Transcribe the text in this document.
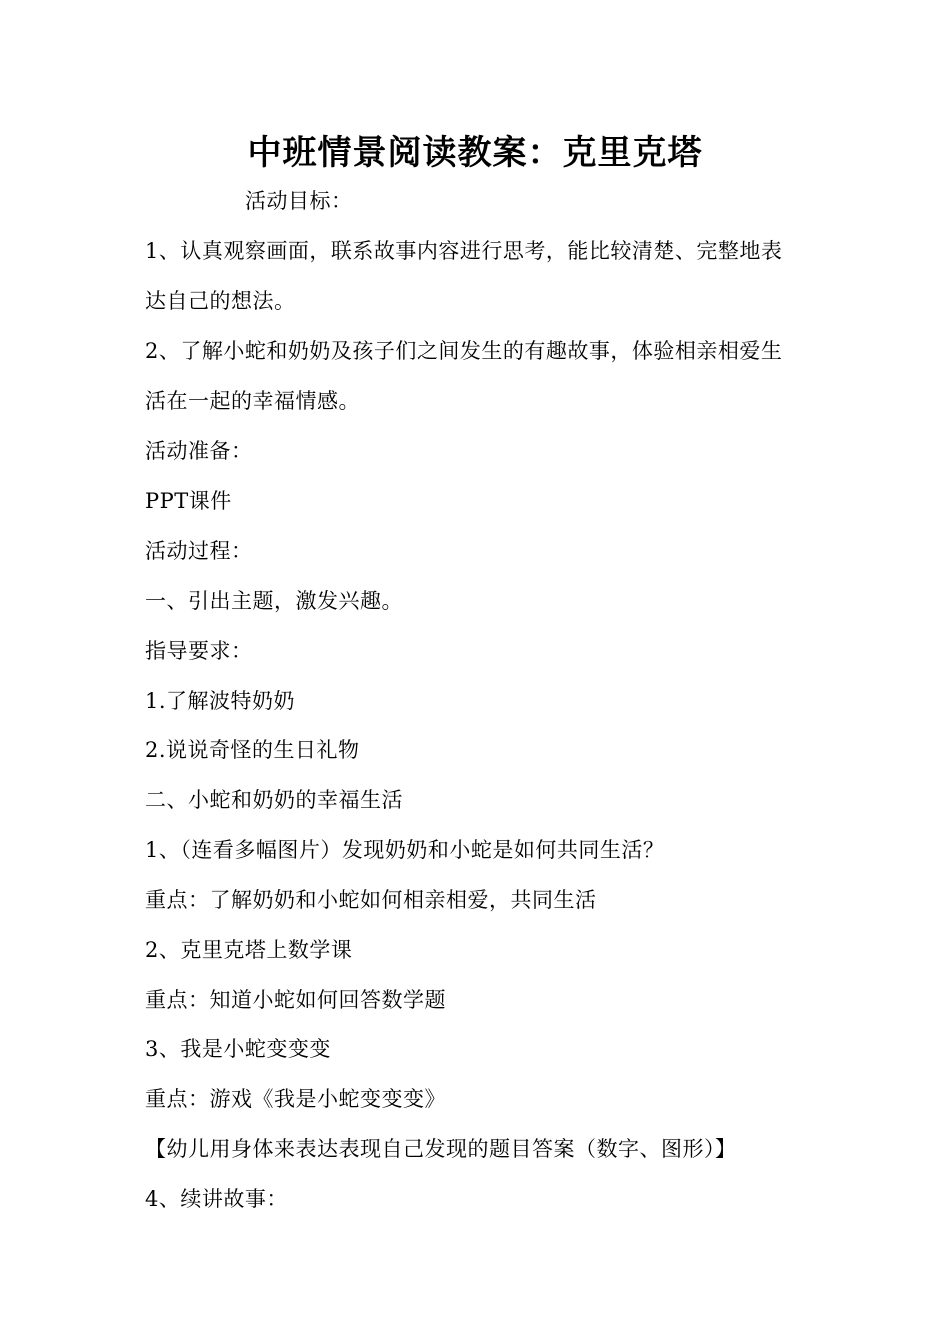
中班情景阅读教案：克里克塔
活动目标：
1、认真观察画面，联系故事内容进行思考，能比较清楚、完整地表
达自己的想法。
2、了解小蛇和奶奶及孩子们之间发生的有趣故事，体验相亲相爱生
活在一起的幸福情感。
活动准备：
PPT课件
活动过程：
一、引出主题，激发兴趣。
指导要求：
1.了解波特奶奶
2.说说奇怪的生日礼物
二、小蛇和奶奶的幸福生活
1、（连看多幅图片）发现奶奶和小蛇是如何共同生活？
重点：了解奶奶和小蛇如何相亲相爱，共同生活
2、克里克塔上数学课
重点：知道小蛇如何回答数学题
3、我是小蛇变变变
重点：游戏《我是小蛇变变变》
【幼儿用身体来表达表现自己发现的题目答案（数字、图形）】
4、续讲故事：
